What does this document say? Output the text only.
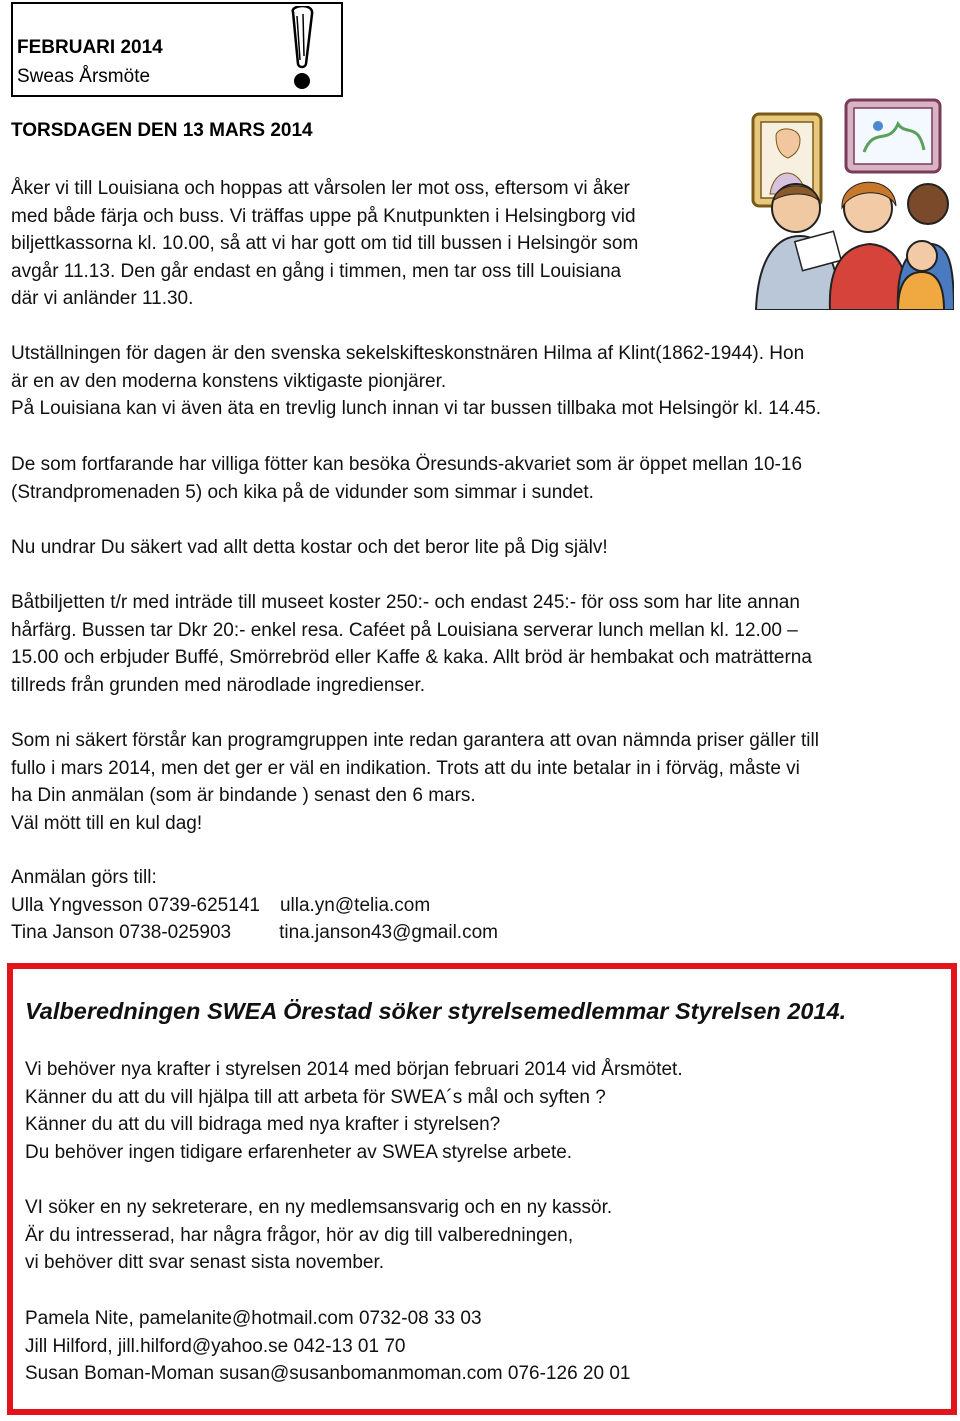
FEBRUARI 2014
Sweas Årsmöte
TORSDAGEN DEN 13 MARS 2014
Åker vi till Louisiana och hoppas att vårsolen ler mot oss, eftersom vi åker
med både färja och buss. Vi träffas uppe på Knutpunkten i Helsingborg vid
biljettkassorna kl. 10.00, så att vi har gott om tid till bussen i Helsingör som
avgår 11.13. Den går endast en gång i timmen, men tar oss till Louisiana
där vi anländer 11.30.
Utställningen för dagen är den svenska sekelskifteskonstnären Hilma af Klint(1862-1944). Hon
är en av den moderna konstens viktigaste pionjärer.
På Louisiana kan vi även äta en trevlig lunch innan vi tar bussen tillbaka mot Helsingör kl. 14.45.
De som fortfarande har villiga fötter kan besöka Öresunds-akvariet som är öppet mellan 10-16
(Strandpromenaden 5) och kika på de vidunder som simmar i sundet.
Nu undrar Du säkert vad allt detta kostar och det beror lite på Dig själv!
Båtbiljetten t/r med inträde till museet koster 250:- och endast 245:- för oss som har lite annan
hårfärg. Bussen tar Dkr 20:- enkel resa. Caféet på Louisiana serverar lunch mellan kl. 12.00 –
15.00 och erbjuder Buffé, Smörrebröd eller Kaffe & kaka. Allt bröd är hembakat och maträtterna
tillreds från grunden med närodlade ingredienser.
Som ni säkert förstår kan programgruppen inte redan garantera att ovan nämnda priser gäller till
fullo i mars 2014, men det ger er väl en indikation. Trots att du inte betalar in i förväg, måste vi
ha Din anmälan (som är bindande ) senast den 6 mars.
Väl mött till en kul dag!
Anmälan görs till:
Ulla Yngvesson 0739-625141 ulla.yn@telia.com
Tina Janson 0738-025903	tina.janson43@gmail.com
Valberedningen SWEA Örestad söker styrelsemedlemmar Styrelsen 2014.
Vi behöver nya krafter i styrelsen 2014 med början februari 2014 vid Årsmötet.
Känner du att du vill hjälpa till att arbeta för SWEA´s mål och syften ?
Känner du att du vill bidraga med nya krafter i styrelsen?
Du behöver ingen tidigare erfarenheter av SWEA styrelse arbete.
VI söker en ny sekreterare, en ny medlemsansvarig och en ny kassör.
Är du intresserad, har några frågor, hör av dig till valberedningen,
vi behöver ditt svar senast sista november.
Pamela Nite, pamelanite@hotmail.com 0732-08 33 03
Jill Hilford, jill.hilford@yahoo.se 042-13 01 70
Susan Boman-Moman susan@susanbomanmoman.com 076-126 20 01
